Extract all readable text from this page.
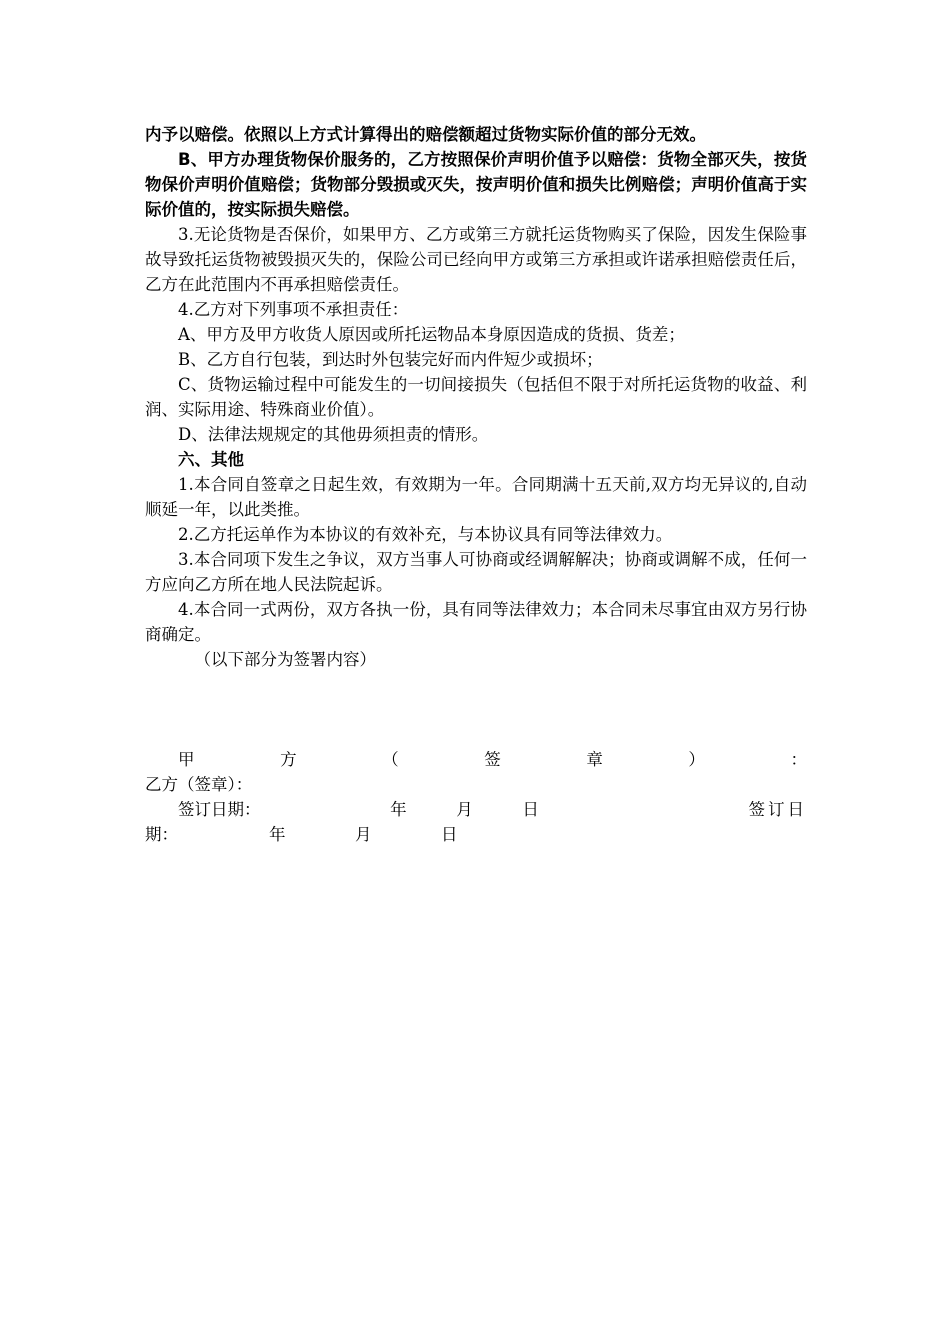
内予以赔偿。依照以上方式计算得出的赔偿额超过货物实际价值的部分无效。

B、甲方办理货物保价服务的，乙方按照保价声明价值予以赔偿：货物全部灭失，按货物保价声明价值赔偿；货物部分毁损或灭失，按声明价值和损失比例赔偿；声明价值高于实际价值的，按实际损失赔偿。

3.无论货物是否保价，如果甲方、乙方或第三方就托运货物购买了保险，因发生保险事故导致托运货物被毁损灭失的，保险公司已经向甲方或第三方承担或许诺承担赔偿责任后，乙方在此范围内不再承担赔偿责任。

4.乙方对下列事项不承担责任：

A、甲方及甲方收货人原因或所托运物品本身原因造成的货损、货差；

B、乙方自行包装，到达时外包装完好而内件短少或损坏；

C、货物运输过程中可能发生的一切间接损失（包括但不限于对所托运货物的收益、利润、实际用途、特殊商业价值）。

D、法律法规规定的其他毋须担责的情形。

六、其他

1.本合同自签章之日起生效，有效期为一年。合同期满十五天前,双方均无异议的,自动顺延一年，以此类推。

2.乙方托运单作为本协议的有效补充，与本协议具有同等法律效力。

3.本合同项下发生之争议，双方当事人可协商或经调解解决；协商或调解不成，任何一方应向乙方所在地人民法院起诉。

4.本合同一式两份，双方各执一份，具有同等法律效力；本合同未尽事宜由双方另行协商确定。

（以下部分为签署内容）

甲	方	（	签	章	）	：

乙方（签章）：

签订日期：	年	月	日	签订日
期：	年	月	日
